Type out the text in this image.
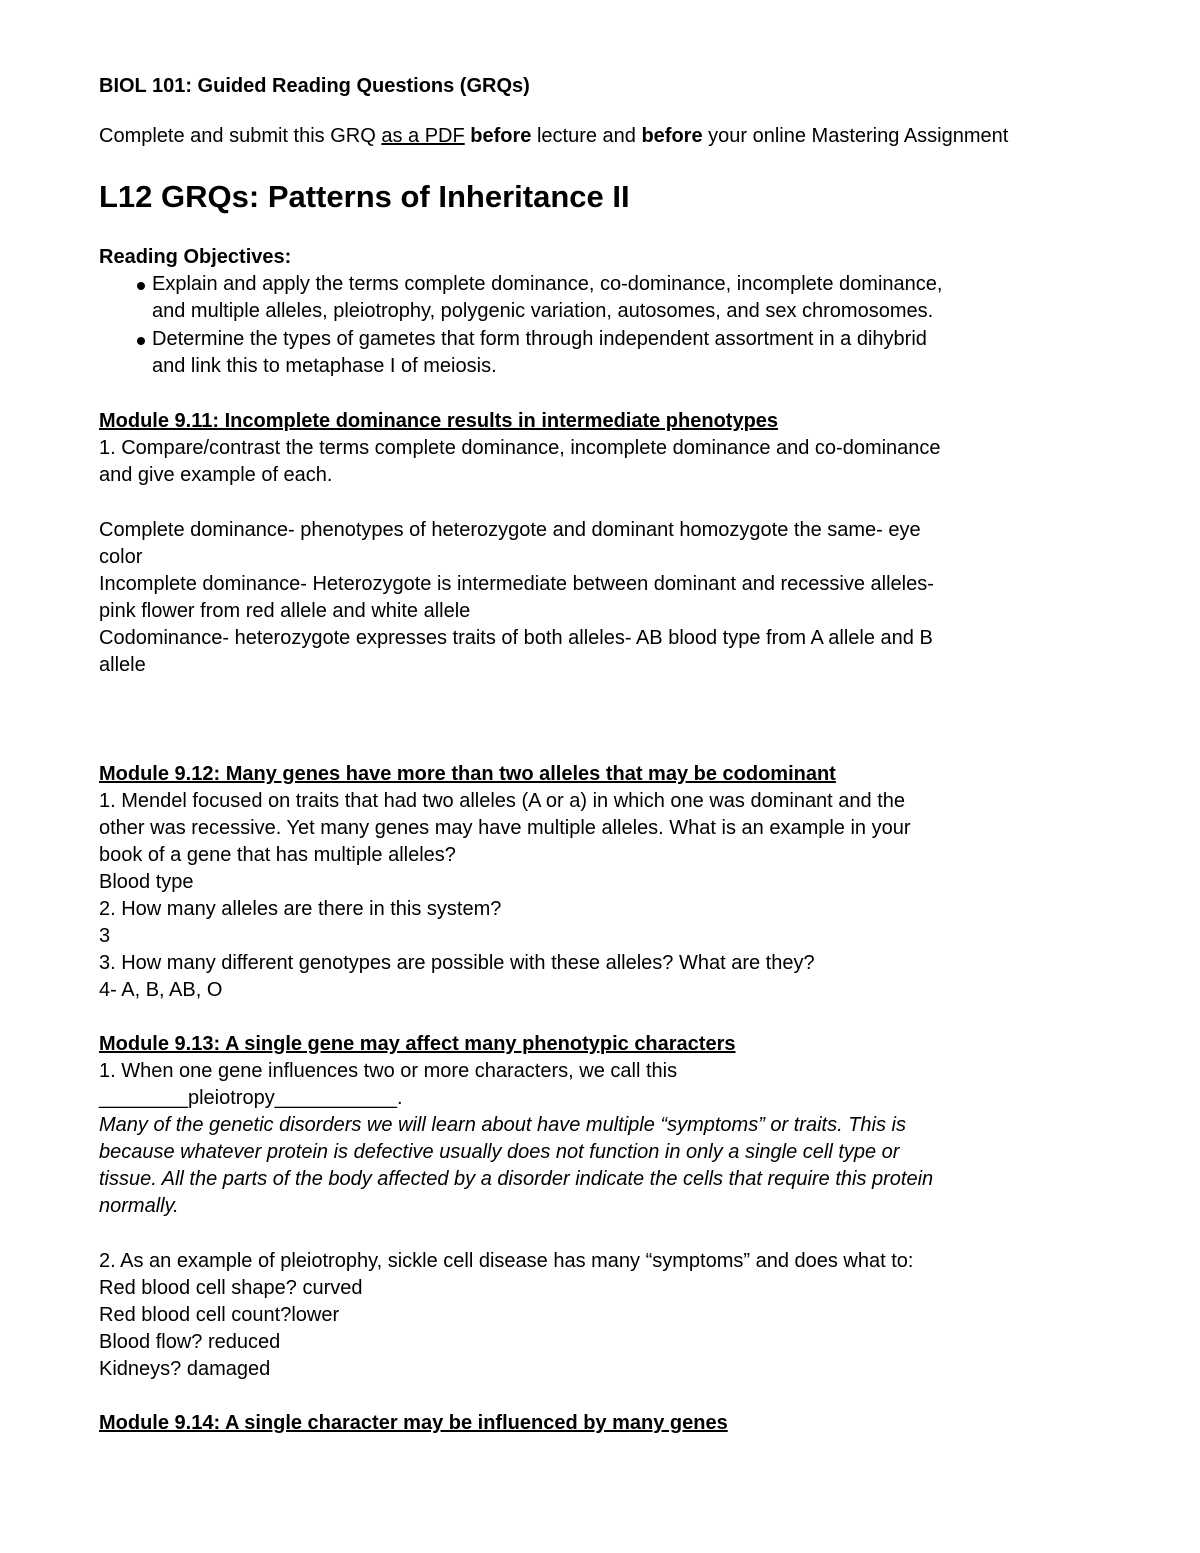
BIOL 101: Guided Reading Questions (GRQs)
Complete and submit this GRQ as a PDF before lecture and before your online Mastering Assignment
L12 GRQs: Patterns of Inheritance II
Reading Objectives:
Explain and apply the terms complete dominance, co-dominance, incomplete dominance,
and multiple alleles, pleiotrophy, polygenic variation, autosomes, and sex chromosomes.
Determine the types of gametes that form through independent assortment in a dihybrid
and link this to metaphase I of meiosis.
Module 9.11: Incomplete dominance results in intermediate phenotypes
1. Compare/contrast the terms complete dominance, incomplete dominance and co-dominance
and give example of each.
Complete dominance- phenotypes of heterozygote and dominant homozygote the same- eye
color
Incomplete dominance- Heterozygote is intermediate between dominant and recessive alleles-
pink flower from red allele and white allele
Codominance- heterozygote expresses traits of both alleles- AB blood type from A allele and B
allele
Module 9.12: Many genes have more than two alleles that may be codominant
1. Mendel focused on traits that had two alleles (A or a) in which one was dominant and the
other was recessive. Yet many genes may have multiple alleles. What is an example in your
book of a gene that has multiple alleles?
Blood type
2. How many alleles are there in this system?
3
3. How many different genotypes are possible with these alleles? What are they?
4- A, B, AB, O
Module 9.13: A single gene may affect many phenotypic characters
1. When one gene influences two or more characters, we call this
________pleiotropy___________.
Many of the genetic disorders we will learn about have multiple “symptoms” or traits. This is
because whatever protein is defective usually does not function in only a single cell type or
tissue. All the parts of the body affected by a disorder indicate the cells that require this protein
normally.
2. As an example of pleiotrophy, sickle cell disease has many “symptoms” and does what to:
Red blood cell shape? curved
Red blood cell count?lower
Blood flow? reduced
Kidneys? damaged
Module 9.14: A single character may be influenced by many genes
